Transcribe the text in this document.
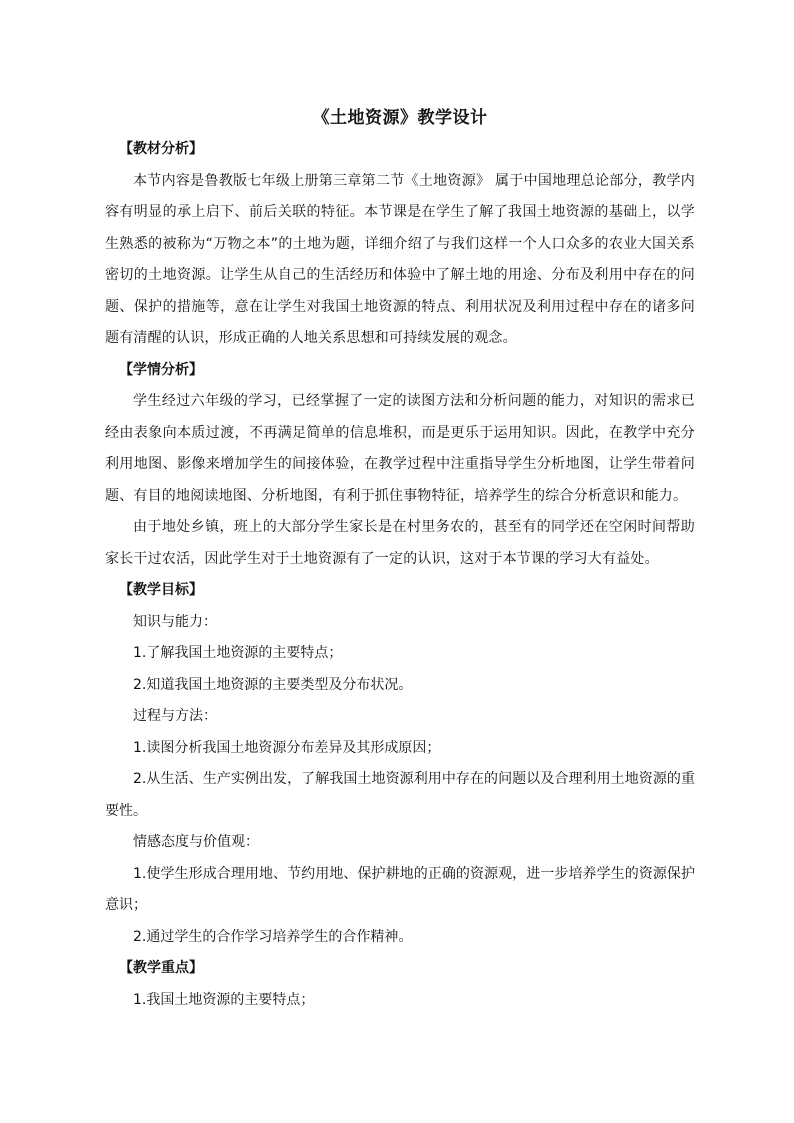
《土地资源》教学设计

【教材分析】

本节内容是鲁教版七年级上册第三章第二节《土地资源》 属于中国地理总论部分，教学内容有明显的承上启下、前后关联的特征。本节课是在学生了解了我国土地资源的基础上，以学生熟悉的被称为“万物之本”的土地为题，详细介绍了与我们这样一个人口众多的农业大国关系密切的土地资源。让学生从自己的生活经历和体验中了解土地的用途、分布及利用中存在的问题、保护的措施等，意在让学生对我国土地资源的特点、利用状况及利用过程中存在的诸多问题有清醒的认识，形成正确的人地关系思想和可持续发展的观念。

【学情分析】

学生经过六年级的学习，已经掌握了一定的读图方法和分析问题的能力，对知识的需求已经由表象向本质过渡，不再满足简单的信息堆积，而是更乐于运用知识。因此，在教学中充分利用地图、影像来增加学生的间接体验，在教学过程中注重指导学生分析地图，让学生带着问题、有目的地阅读地图、分析地图，有利于抓住事物特征，培养学生的综合分析意识和能力。

由于地处乡镇，班上的大部分学生家长是在村里务农的，甚至有的同学还在空闲时间帮助家长干过农活，因此学生对于土地资源有了一定的认识，这对于本节课的学习大有益处。

【教学目标】

知识与能力：

1.了解我国土地资源的主要特点；

2.知道我国土地资源的主要类型及分布状况。

过程与方法：

1.读图分析我国土地资源分布差异及其形成原因；

2.从生活、生产实例出发，了解我国土地资源利用中存在的问题以及合理利用土地资源的重要性。

情感态度与价值观：

1.使学生形成合理用地、节约用地、保护耕地的正确的资源观，进一步培养学生的资源保护意识；

2.通过学生的合作学习培养学生的合作精神。

【教学重点】

1.我国土地资源的主要特点；
